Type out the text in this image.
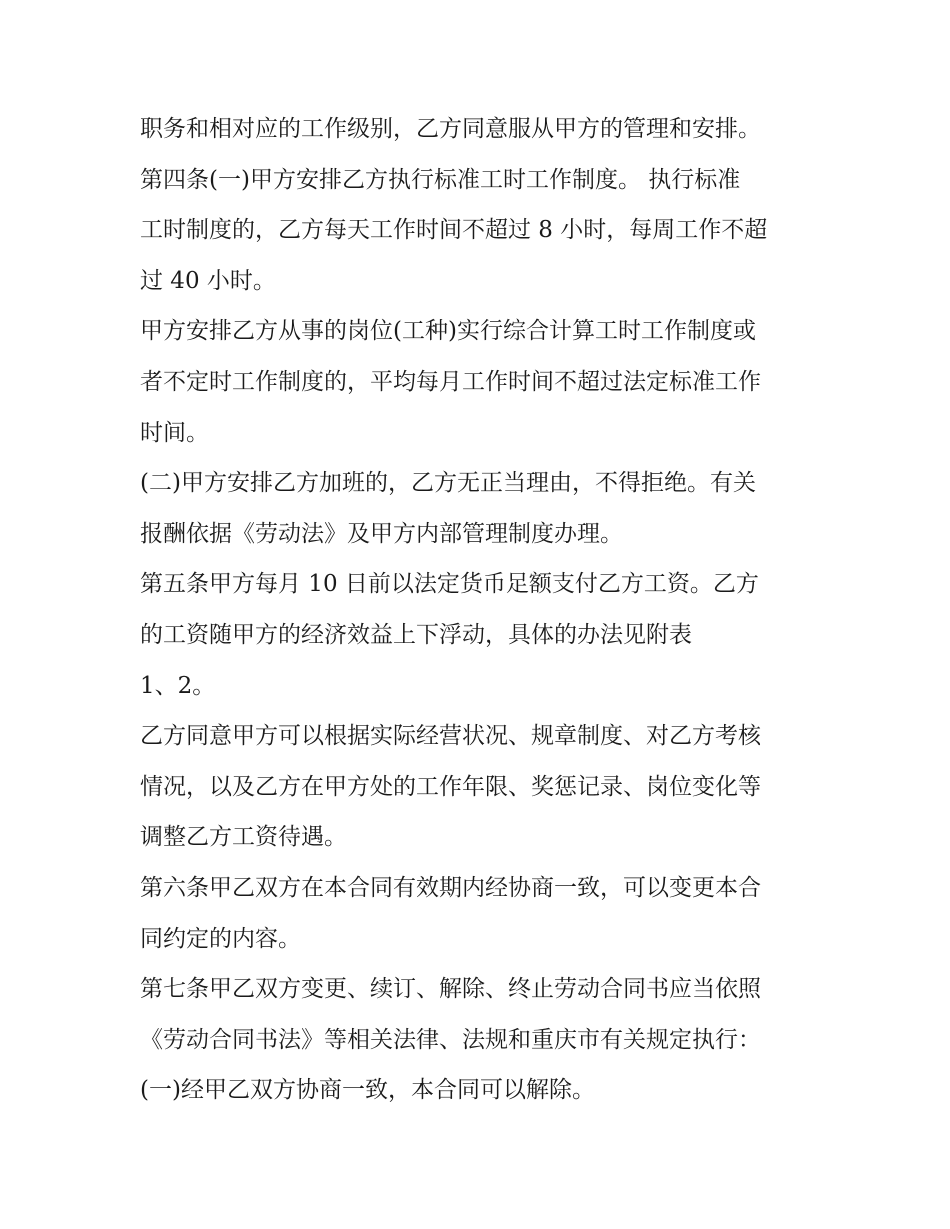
职务和相对应的工作级别，乙方同意服从甲方的管理和安排。
第四条(一)甲方安排乙方执行标准工时工作制度。 执行标准
工时制度的，乙方每天工作时间不超过 8 小时，每周工作不超
过 40 小时。
甲方安排乙方从事的岗位(工种)实行综合计算工时工作制度或
者不定时工作制度的，平均每月工作时间不超过法定标准工作
时间。
(二)甲方安排乙方加班的，乙方无正当理由，不得拒绝。有关
报酬依据《劳动法》及甲方内部管理制度办理。
第五条甲方每月 10 日前以法定货币足额支付乙方工资。乙方
的工资随甲方的经济效益上下浮动，具体的办法见附表
1、2。
乙方同意甲方可以根据实际经营状况、规章制度、对乙方考核
情况，以及乙方在甲方处的工作年限、奖惩记录、岗位变化等
调整乙方工资待遇。
第六条甲乙双方在本合同有效期内经协商一致，可以变更本合
同约定的内容。
第七条甲乙双方变更、续订、解除、终止劳动合同书应当依照
《劳动合同书法》等相关法律、法规和重庆市有关规定执行：
(一)经甲乙双方协商一致，本合同可以解除。
